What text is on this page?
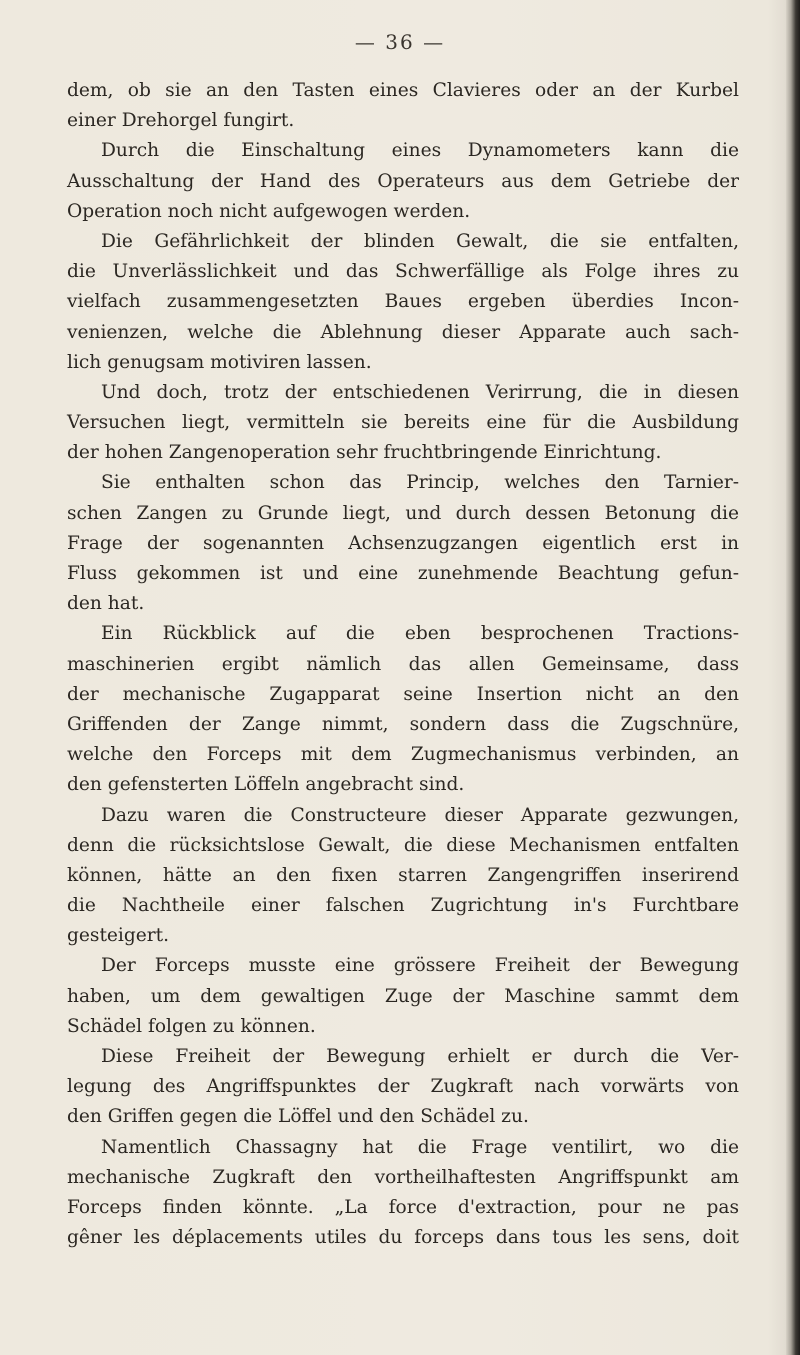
— 36 —
dem, ob sie an den Tasten eines Clavieres oder an der Kurbel
einer Drehorgel fungirt.
Durch die Einschaltung eines Dynamometers kann die
Ausschaltung der Hand des Operateurs aus dem Getriebe der
Operation noch nicht aufgewogen werden.
Die Gefährlichkeit der blinden Gewalt, die sie entfalten,
die Unverlässlichkeit und das Schwerfällige als Folge ihres zu
vielfach zusammengesetzten Baues ergeben überdies Incon-
venienzen, welche die Ablehnung dieser Apparate auch sach-
lich genugsam motiviren lassen.
Und doch, trotz der entschiedenen Verirrung, die in diesen
Versuchen liegt, vermitteln sie bereits eine für die Ausbildung
der hohen Zangenoperation sehr fruchtbringende Einrichtung.
Sie enthalten schon das Princip, welches den Tarnier-
schen Zangen zu Grunde liegt, und durch dessen Betonung die
Frage der sogenannten Achsenzugzangen eigentlich erst in
Fluss gekommen ist und eine zunehmende Beachtung gefun-
den hat.
Ein Rückblick auf die eben besprochenen Tractions-
maschinerien ergibt nämlich das allen Gemeinsame, dass
der mechanische Zugapparat seine Insertion nicht an den
Griffenden der Zange nimmt, sondern dass die Zugschnüre,
welche den Forceps mit dem Zugmechanismus verbinden, an
den gefensterten Löffeln angebracht sind.
Dazu waren die Constructeure dieser Apparate gezwungen,
denn die rücksichtslose Gewalt, die diese Mechanismen entfalten
können, hätte an den fixen starren Zangengriffen inserirend
die Nachtheile einer falschen Zugrichtung in's Furchtbare
gesteigert.
Der Forceps musste eine grössere Freiheit der Bewegung
haben, um dem gewaltigen Zuge der Maschine sammt dem
Schädel folgen zu können.
Diese Freiheit der Bewegung erhielt er durch die Ver-
legung des Angriffspunktes der Zugkraft nach vorwärts von
den Griffen gegen die Löffel und den Schädel zu.
Namentlich Chassagny hat die Frage ventilirt, wo die
mechanische Zugkraft den vortheilhaftesten Angriffspunkt am
Forceps finden könnte. „La force d'extraction, pour ne pas
gêner les déplacements utiles du forceps dans tous les sens, doit
